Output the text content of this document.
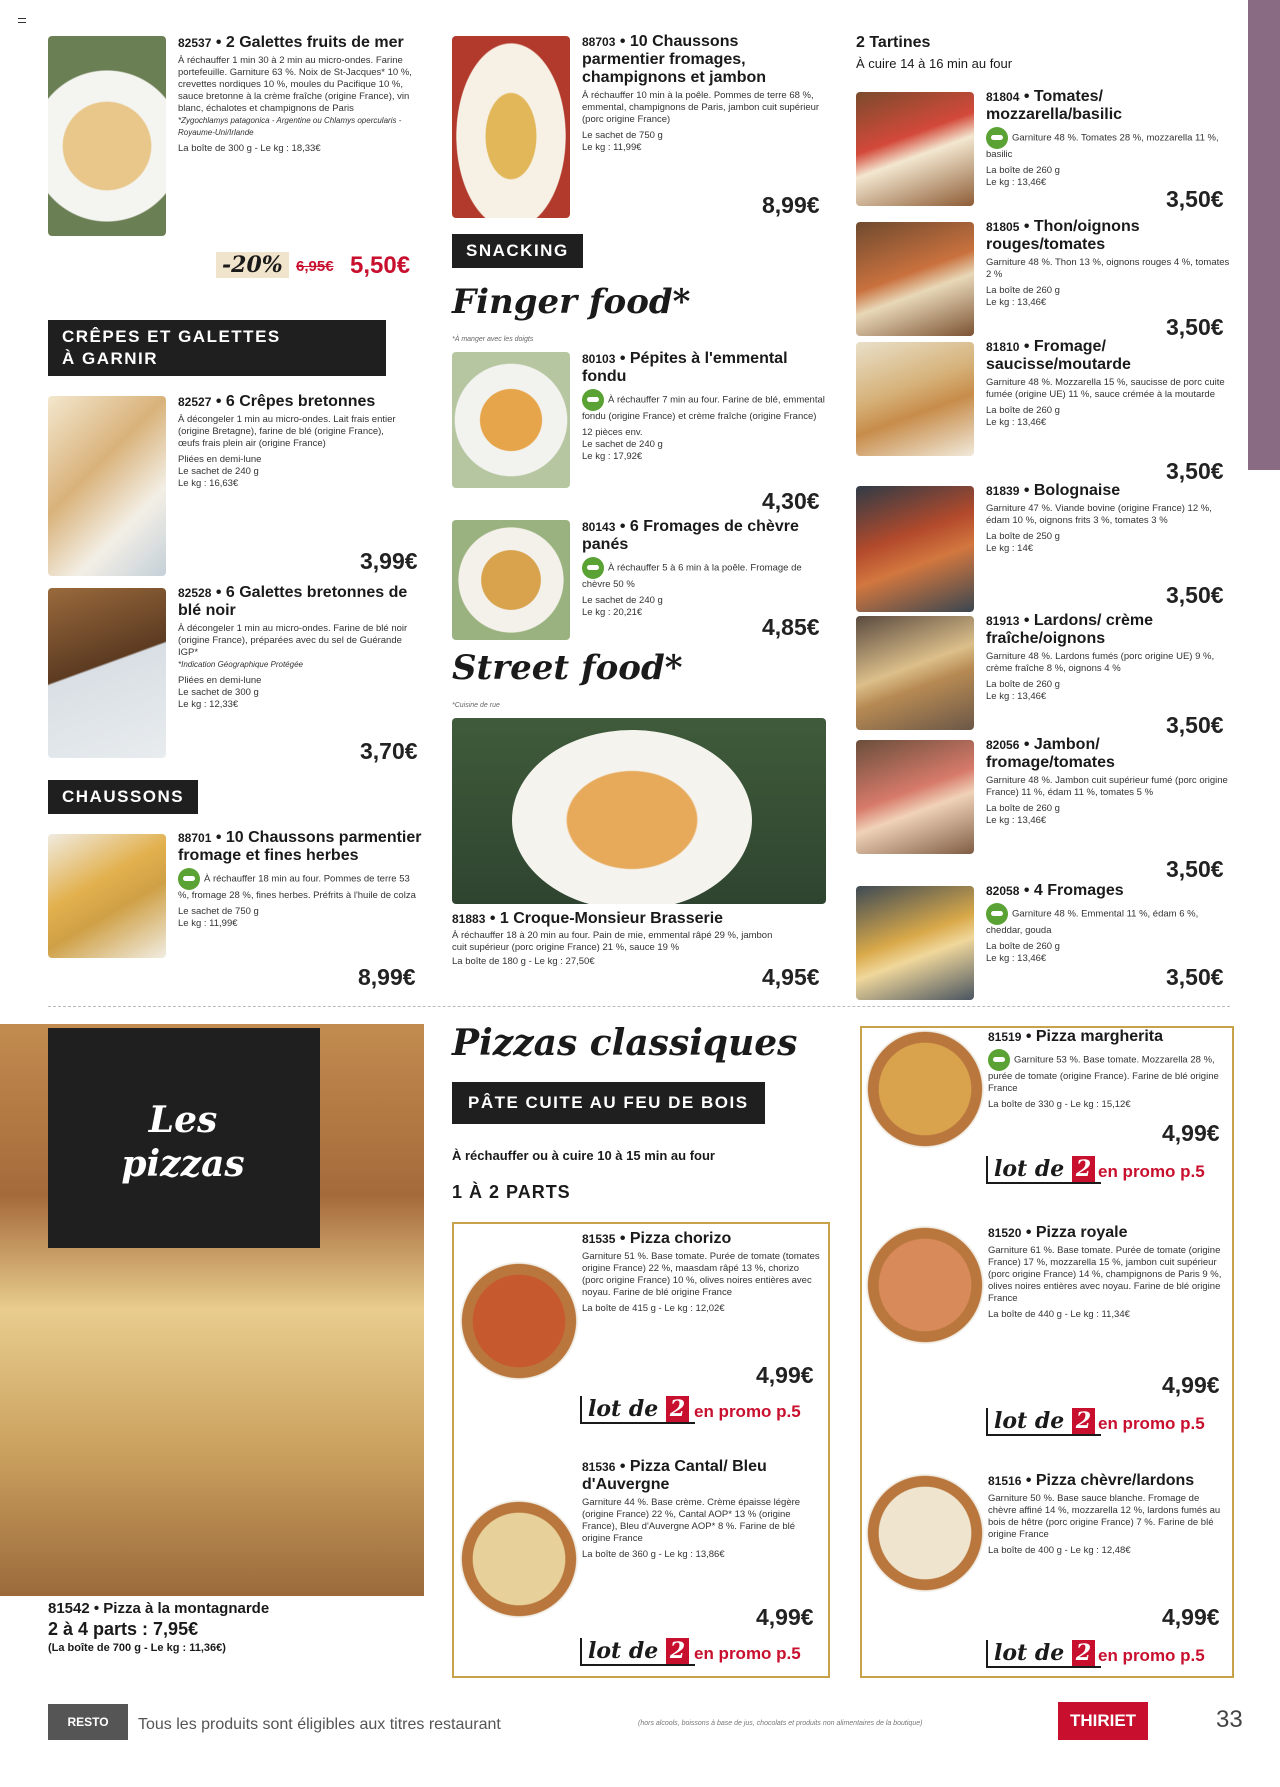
82537 • 2 Galettes fruits de mer
À réchauffer 1 min 30 à 2 min au micro-ondes. Farine portefeuille. Garniture 63 %. Noix de St-Jacques* 10 %, crevettes nordiques 10 %, moules du Pacifique 10 %, sauce bretonne à la crème fraîche (origine France), vin blanc, échalotes et champignons de Paris
*Zygochlamys patagonica - Argentine ou Chlamys opercularis - Royaume-Uni/Irlande
La boîte de 300 g - Le kg : 18,33€
-20% 6,95€ 5,50€
CRÊPES ET GALETTES
À GARNIR
82527 • 6 Crêpes bretonnes
À décongeler 1 min au micro-ondes. Lait frais entier (origine Bretagne), farine de blé (origine France), œufs frais plein air (origine France)
Pliées en demi-lune
Le sachet de 240 g
Le kg : 16,63€
3,99€
82528 • 6 Galettes bretonnes de blé noir
À décongeler 1 min au micro-ondes. Farine de blé noir (origine France), préparées avec du sel de Guérande IGP*
*Indication Géographique Protégée
Pliées en demi-lune
Le sachet de 300 g
Le kg : 12,33€
3,70€
CHAUSSONS
88701 • 10 Chaussons parmentier fromage et fines herbes
À réchauffer 18 min au four. Pommes de terre 53 %, fromage 28 %, fines herbes. Préfrits à l'huile de colza
Le sachet de 750 g
Le kg : 11,99€
8,99€
88703 • 10 Chaussons parmentier fromages, champignons et jambon
À réchauffer 10 min à la poêle. Pommes de terre 68 %, emmental, champignons de Paris, jambon cuit supérieur (porc origine France)
Le sachet de 750 g
Le kg : 11,99€
8,99€
SNACKING
Finger food*
*À manger avec les doigts
80103 • Pépites à l'emmental fondu
À réchauffer 7 min au four. Farine de blé, emmental fondu (origine France) et crème fraîche (origine France)
12 pièces env.
Le sachet de 240 g
Le kg : 17,92€
4,30€
80143 • 6 Fromages de chèvre panés
À réchauffer 5 à 6 min à la poêle. Fromage de chèvre 50 %
Le sachet de 240 g
Le kg : 20,21€
4,85€
Street food*
*Cuisine de rue
81883 • 1 Croque-Monsieur Brasserie
À réchauffer 18 à 20 min au four. Pain de mie, emmental râpé 29 %, jambon cuit supérieur (porc origine France) 21 %, sauce 19 %
La boîte de 180 g - Le kg : 27,50€
4,95€
2 Tartines
À cuire 14 à 16 min au four
81804 • Tomates/ mozzarella/basilic
Garniture 48 %. Tomates 28 %, mozzarella 11 %, basilic
La boîte de 260 g
Le kg : 13,46€
3,50€
81805 • Thon/oignons rouges/tomates
Garniture 48 %. Thon 13 %, oignons rouges 4 %, tomates 2 %
La boîte de 260 g
Le kg : 13,46€
3,50€
81810 • Fromage/ saucisse/moutarde
Garniture 48 %. Mozzarella 15 %, saucisse de porc cuite fumée (origine UE) 11 %, sauce crémée à la moutarde
La boîte de 260 g
Le kg : 13,46€
3,50€
81839 • Bolognaise
Garniture 47 %. Viande bovine (origine France) 12 %, édam 10 %, oignons frits 3 %, tomates 3 %
La boîte de 250 g
Le kg : 14€
3,50€
81913 • Lardons/ crème fraîche/oignons
Garniture 48 %. Lardons fumés (porc origine UE) 9 %, crème fraîche 8 %, oignons 4 %
La boîte de 260 g
Le kg : 13,46€
3,50€
82056 • Jambon/ fromage/tomates
Garniture 48 %. Jambon cuit supérieur fumé (porc origine France) 11 %, édam 11 %, tomates 5 %
La boîte de 260 g
Le kg : 13,46€
3,50€
82058 • 4 Fromages
Garniture 48 %. Emmental 11 %, édam 6 %, cheddar, gouda
La boîte de 260 g
Le kg : 13,46€
3,50€
Les pizzas
81542 • Pizza à la montagnarde
2 à 4 parts : 7,95€
(La boîte de 700 g - Le kg : 11,36€)
Pizzas classiques
PÂTE CUITE AU FEU DE BOIS
À réchauffer ou à cuire 10 à 15 min au four
1 À 2 PARTS
81535 • Pizza chorizo
Garniture 51 %. Base tomate. Purée de tomate (tomates origine France) 22 %, maasdam râpé 13 %, chorizo (porc origine France) 10 %, olives noires entières avec noyau. Farine de blé origine France
La boîte de 415 g - Le kg : 12,02€
4,99€
lot de 2 en promo p.5
81536 • Pizza Cantal/ Bleu d'Auvergne
Garniture 44 %. Base crème. Crème épaisse légère (origine France) 22 %, Cantal AOP* 13 % (origine France), Bleu d'Auvergne AOP* 8 %. Farine de blé origine France
La boîte de 360 g - Le kg : 13,86€
4,99€
lot de 2 en promo p.5
81519 • Pizza margherita
Garniture 53 %. Base tomate. Mozzarella 28 %, purée de tomate (origine France). Farine de blé origine France
La boîte de 330 g - Le kg : 15,12€
4,99€
lot de 2 en promo p.5
81520 • Pizza royale
Garniture 61 %. Base tomate. Purée de tomate (origine France) 17 %, mozzarella 15 %, jambon cuit supérieur (porc origine France) 14 %, champignons de Paris 9 %, olives noires entières avec noyau. Farine de blé origine France
La boîte de 440 g - Le kg : 11,34€
4,99€
lot de 2 en promo p.5
81516 • Pizza chèvre/lardons
Garniture 50 %. Base sauce blanche. Fromage de chèvre affiné 14 %, mozzarella 12 %, lardons fumés au bois de hêtre (porc origine France) 7 %. Farine de blé origine France
La boîte de 400 g - Le kg : 12,48€
4,99€
lot de 2 en promo p.5
RESTO	Tous les produits sont éligibles aux titres restaurant	(hors alcools, boissons à base de jus, chocolats et produits non alimentaires de la boutique)	THIRIET	33
